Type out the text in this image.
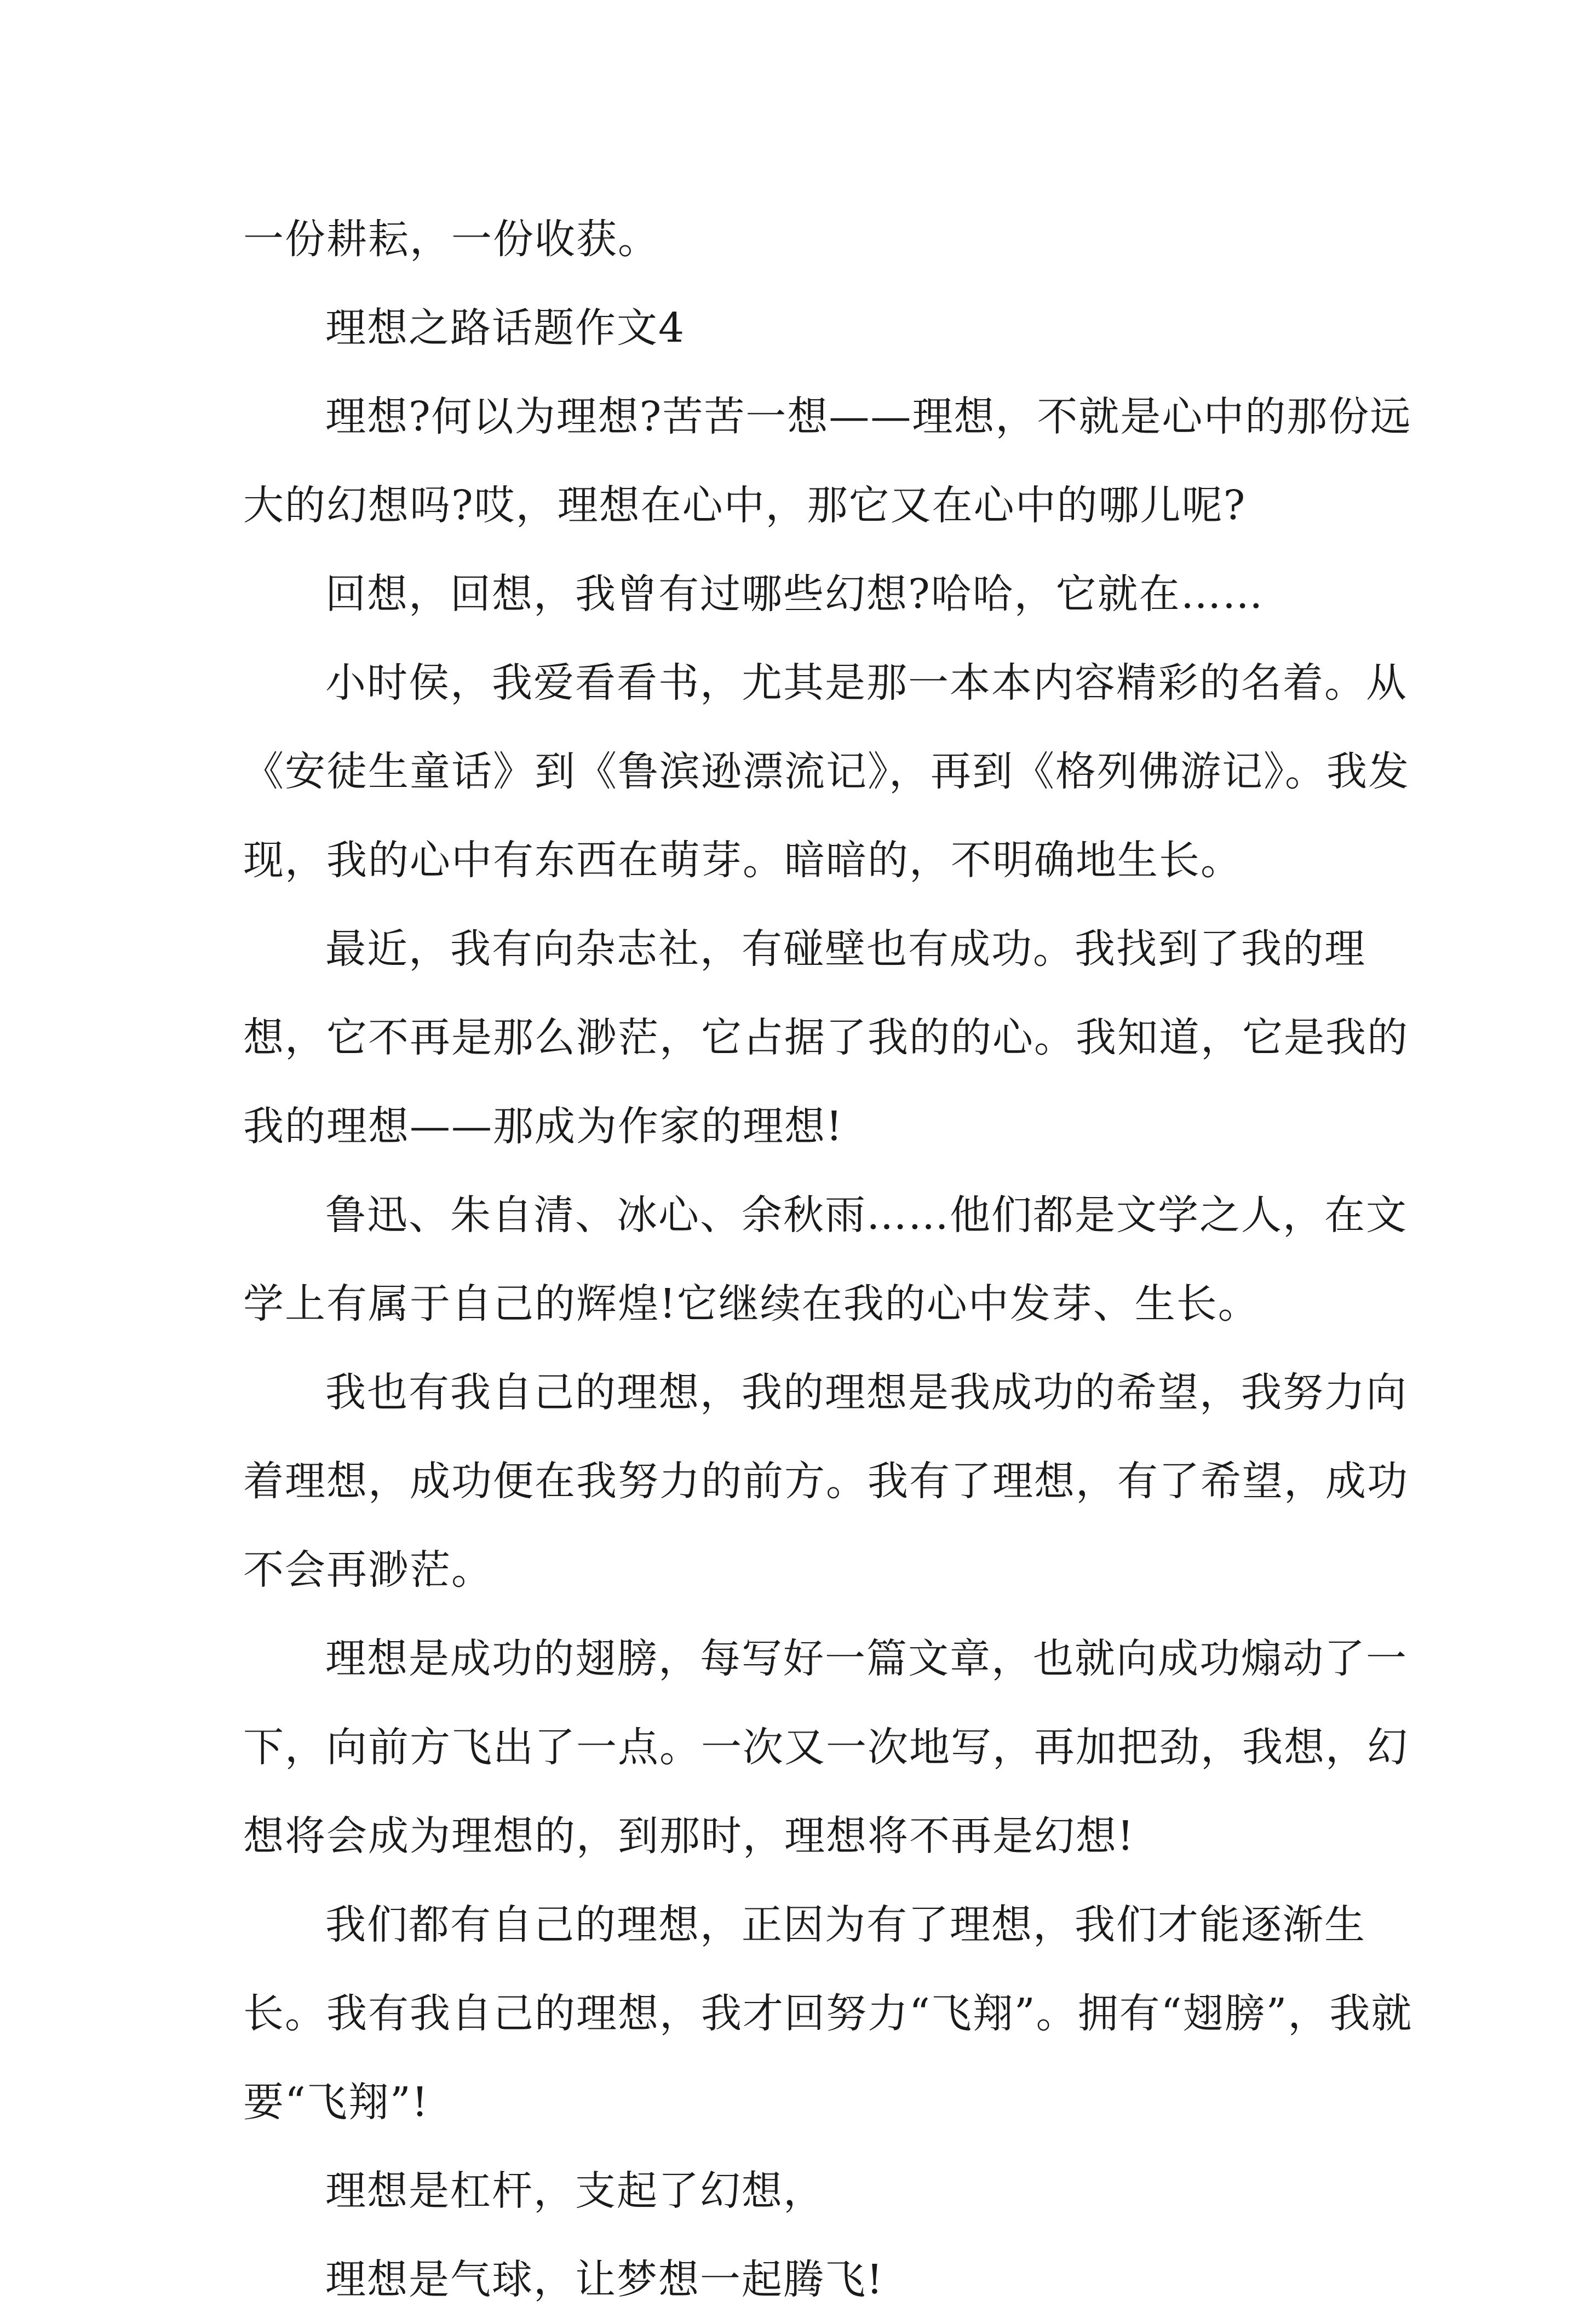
一份耕耘，一份收获。

理想之路话题作文4

理想?何以为理想?苦苦一想——理想，不就是心中的那份远大的幻想吗?哎，理想在心中，那它又在心中的哪儿呢?

回想，回想，我曾有过哪些幻想?哈哈，它就在……

小时侯，我爱看看书，尤其是那一本本内容精彩的名着。从《安徒生童话》到《鲁滨逊漂流记》，再到《格列佛游记》。我发现，我的心中有东西在萌芽。暗暗的，不明确地生长。

最近，我有向杂志社，有碰壁也有成功。我找到了我的理想，它不再是那么渺茫，它占据了我的的心。我知道，它是我的我的理想——那成为作家的理想!

鲁迅、朱自清、冰心、余秋雨……他们都是文学之人，在文学上有属于自己的辉煌!它继续在我的心中发芽、生长。

我也有我自己的理想，我的理想是我成功的希望，我努力向着理想，成功便在我努力的前方。我有了理想，有了希望，成功不会再渺茫。

理想是成功的翅膀，每写好一篇文章，也就向成功煽动了一下，向前方飞出了一点。一次又一次地写，再加把劲，我想，幻想将会成为理想的，到那时，理想将不再是幻想!

我们都有自己的理想，正因为有了理想，我们才能逐渐生长。我有我自己的理想，我才回努力“飞翔”。拥有“翅膀”，我就要“飞翔”!

理想是杠杆，支起了幻想，

理想是气球，让梦想一起腾飞!
